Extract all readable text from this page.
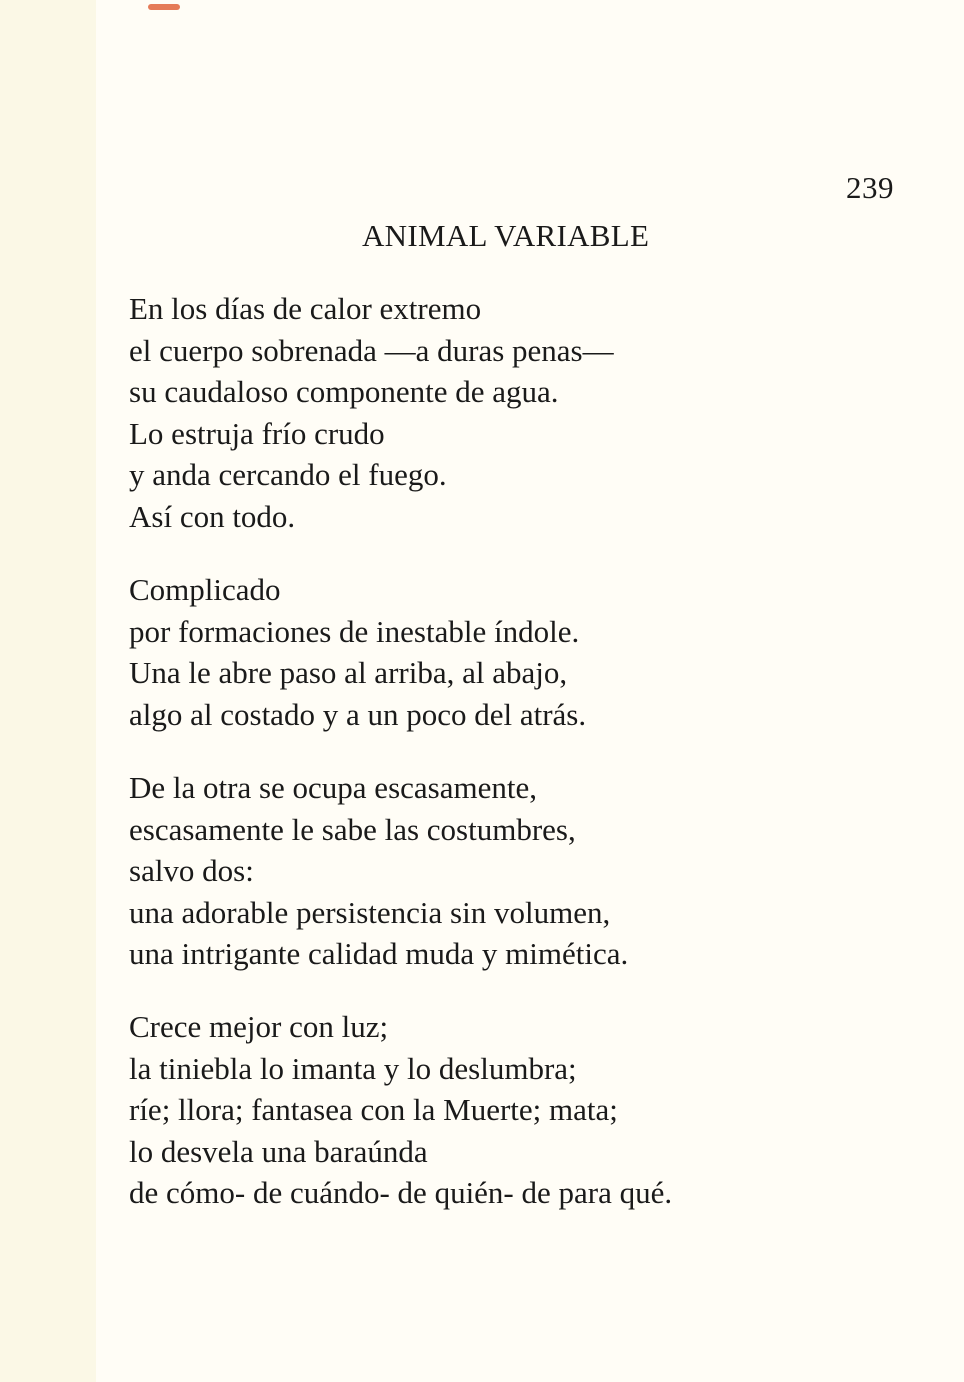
239
ANIMAL VARIABLE
En los días de calor extremo
el cuerpo sobrenada —a duras penas—
su caudaloso componente de agua.
Lo estruja frío crudo
y anda cercando el fuego.
Así con todo.
Complicado
por formaciones de inestable índole.
Una le abre paso al arriba, al abajo,
algo al costado y a un poco del atrás.
De la otra se ocupa escasamente,
escasamente le sabe las costumbres,
salvo dos:
una adorable persistencia sin volumen,
una intrigante calidad muda y mimética.
Crece mejor con luz;
la tiniebla lo imanta y lo deslumbra;
ríe; llora; fantasea con la Muerte; mata;
lo desvela una baraúnda
de cómo- de cuándo- de quién- de para qué.
